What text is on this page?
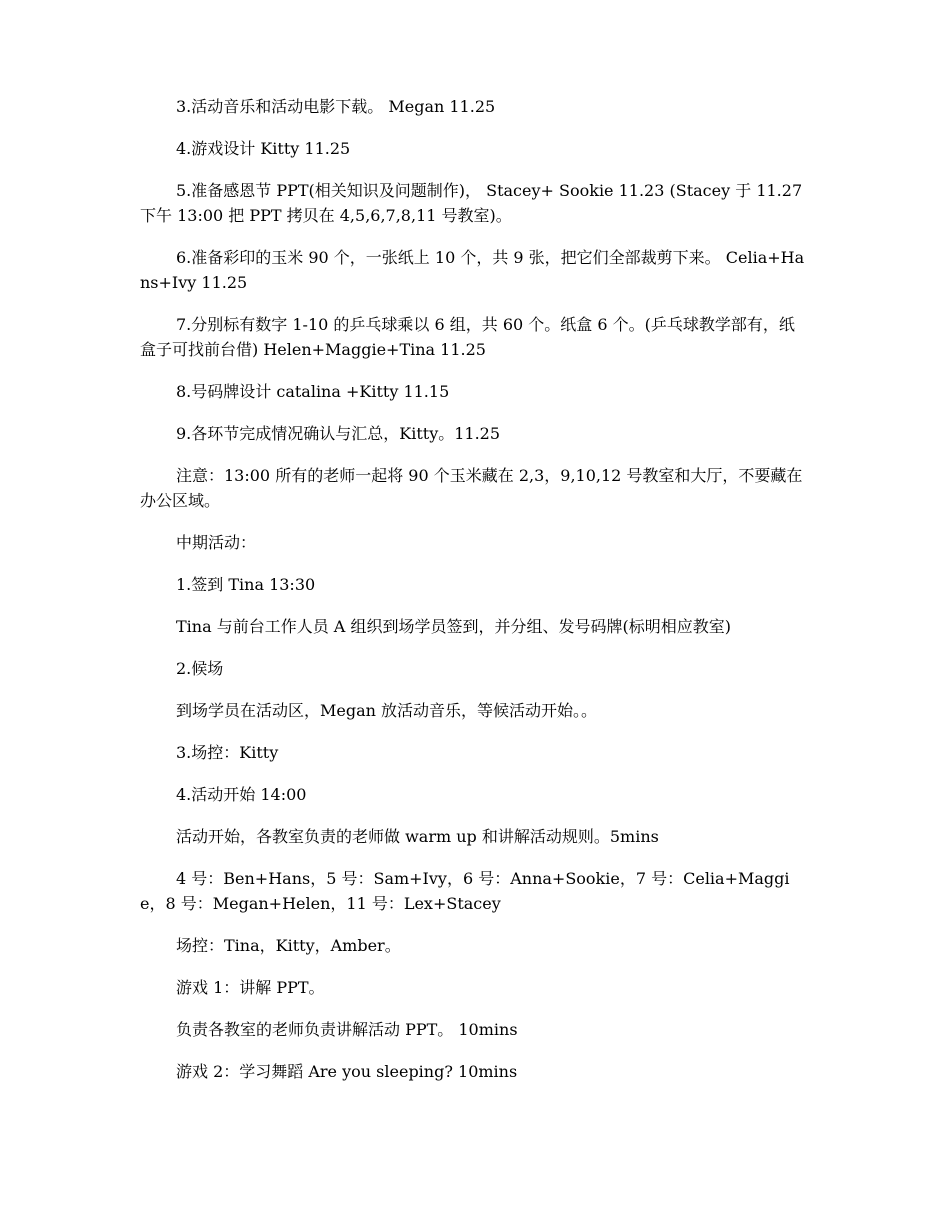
3.活动音乐和活动电影下载。 Megan 11.25

4.游戏设计 Kitty 11.25

5.准备感恩节 PPT(相关知识及问题制作)， Stacey+ Sookie 11.23 (Stacey 于 11.27 下午 13:00 把 PPT 拷贝在 4,5,6,7,8,11 号教室)。

6.准备彩印的玉米 90 个，一张纸上 10 个，共 9 张，把它们全部裁剪下来。 Celia+Hans+Ivy 11.25

7.分别标有数字 1-10 的乒乓球乘以 6 组，共 60 个。纸盒 6 个。(乒乓球教学部有，纸盒子可找前台借) Helen+Maggie+Tina 11.25

8.号码牌设计 catalina +Kitty 11.15

9.各环节完成情况确认与汇总，Kitty。11.25

注意：13:00 所有的老师一起将 90 个玉米藏在 2,3，9,10,12 号教室和大厅，不要藏在办公区域。

中期活动：

1.签到 Tina 13:30

Tina 与前台工作人员 A 组织到场学员签到，并分组、发号码牌(标明相应教室)

2.候场

到场学员在活动区，Megan 放活动音乐，等候活动开始。。

3.场控：Kitty

4.活动开始 14:00

活动开始，各教室负责的老师做 warm up 和讲解活动规则。5mins

4 号：Ben+Hans，5 号：Sam+Ivy，6 号：Anna+Sookie，7 号：Celia+Maggie，8 号：Megan+Helen，11 号：Lex+Stacey

场控：Tina，Kitty，Amber。

游戏 1：讲解 PPT。

负责各教室的老师负责讲解活动 PPT。 10mins

游戏 2：学习舞蹈 Are you sleeping? 10mins
